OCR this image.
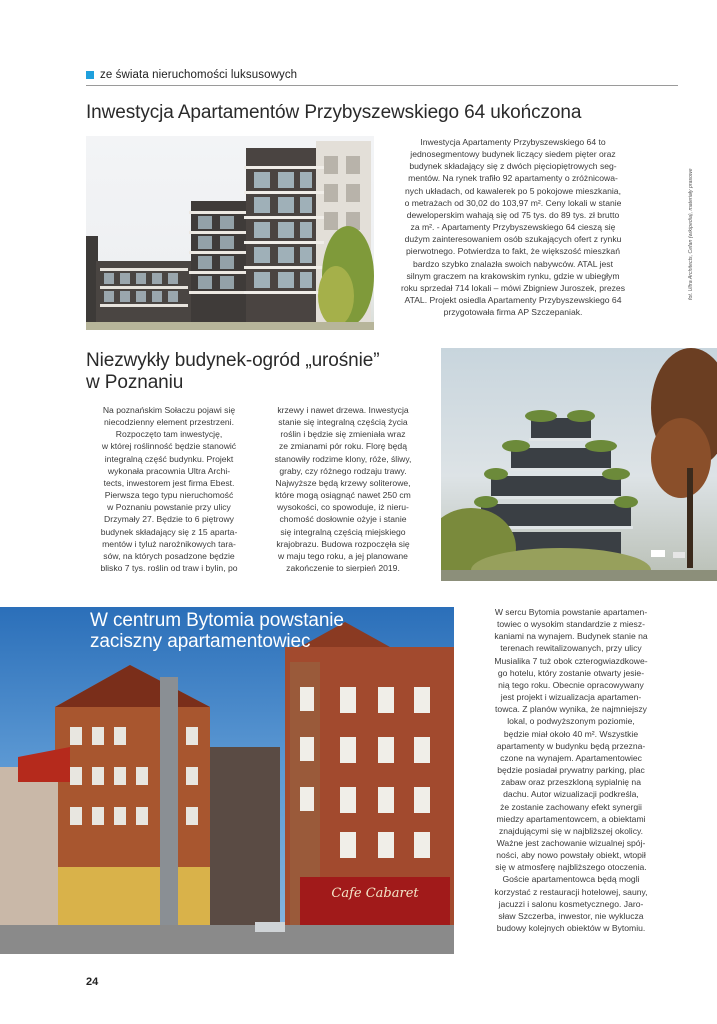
ze świata nieruchomości luksusowych
Inwestycja Apartamentów Przybyszewskiego 64 ukończona

Inwestycja Apartamenty Przybyszewskiego 64 to

jednosegmentowy budynek liczący siedem pięter oraz

budynek składający się z dwóch pięciopiętrowych seg-

mentów. Na rynek trafiło 92 apartamenty o zróżnicowa-

nych układach, od kawalerek po 5 pokojowe mieszkania,

o metrażach od 30,02 do 103,97 m². Ceny lokali w stanie

deweloperskim wahają się od 75 tys. do 89 tys. zł brutto

za m². - Apartamenty Przybyszewskiego 64 cieszą się

dużym zainteresowaniem osób szukających ofert z rynku

pierwotnego. Potwierdza to fakt, że większość mieszkań

bardzo szybko znalazła swoich nabywców. ATAL jest

silnym graczem na krakowskim rynku, gdzie w ubiegłym

roku sprzedał 714 lokali – mówi Zbigniew Juroszek, prezes

ATAL. Projekt osiedla Apartamenty Przybyszewskiego 64

przygotowała firma AP Szczepaniak.

fot. Ultra Architects, Cefan (wikipedia), materiały prasowe
Niezwykły budynek-ogród „urośnie”
w Poznaniu

Na poznańskim Sołaczu pojawi się

niecodzienny element przestrzeni.

Rozpoczęto tam inwestycję,

w której roślinność będzie stanowić

integralną część budynku. Projekt

wykonała pracownia Ultra Archi-

tects, inwestorem jest firma Ebest.

Pierwsza tego typu nieruchomość

w Poznaniu powstanie przy ulicy

Drzymały 27. Będzie to 6 piętrowy

budynek składający się z 15 aparta-

mentów i tyluż narożnikowych tara-

sów, na których posadzone będzie

blisko 7 tys. roślin od traw i bylin, po

krzewy i nawet drzewa. Inwestycja

stanie się integralną częścią życia

roślin i będzie się zmieniała wraz

ze zmianami pór roku. Florę będą

stanowiły rodzime klony, róże, śliwy,

graby, czy różnego rodzaju trawy.

Najwyższe będą krzewy soliterowe,

które mogą osiągnąć nawet 250 cm

wysokości, co spowoduje, iż nieru-

chomość dosłownie ożyje i stanie

się integralną częścią miejskiego

krajobrazu. Budowa rozpoczęła się

w maju tego roku, a jej planowane

zakończenie to sierpień 2019.

Cafe Cabaret
W centrum Bytomia powstanie
zaciszny apartamentowiec

W sercu Bytomia powstanie apartamen-

towiec o wysokim standardzie z miesz-

kaniami na wynajem. Budynek stanie na

terenach rewitalizowanych, przy ulicy

Musialika 7 tuż obok czterogwiazdkowe-

go hotelu, który zostanie otwarty jesie-

nią tego roku. Obecnie opracowywany

jest projekt i wizualizacja apartamen-

towca. Z planów wynika, że najmniejszy

lokal, o podwyższonym poziomie,

będzie miał około 40 m². Wszystkie

apartamenty w budynku będą przezna-

czone na wynajem. Apartamentowiec

będzie posiadał prywatny parking, plac

zabaw oraz przeszkloną sypialnię na

dachu. Autor wizualizacji podkreśla,

że zostanie zachowany efekt synergii

miedzy apartamentowcem, a obiektami

znajdującymi się w najbliższej okolicy.

Ważne jest zachowanie wizualnej spój-

ności, aby nowo powstały obiekt, wtopił

się w atmosferę najbliższego otoczenia.

Goście apartamentowca będą mogli

korzystać z restauracji hotelowej, sauny,

jacuzzi i salonu kosmetycznego. Jaro-

sław Szczerba, inwestor, nie wyklucza

budowy kolejnych obiektów w Bytomiu.

24
